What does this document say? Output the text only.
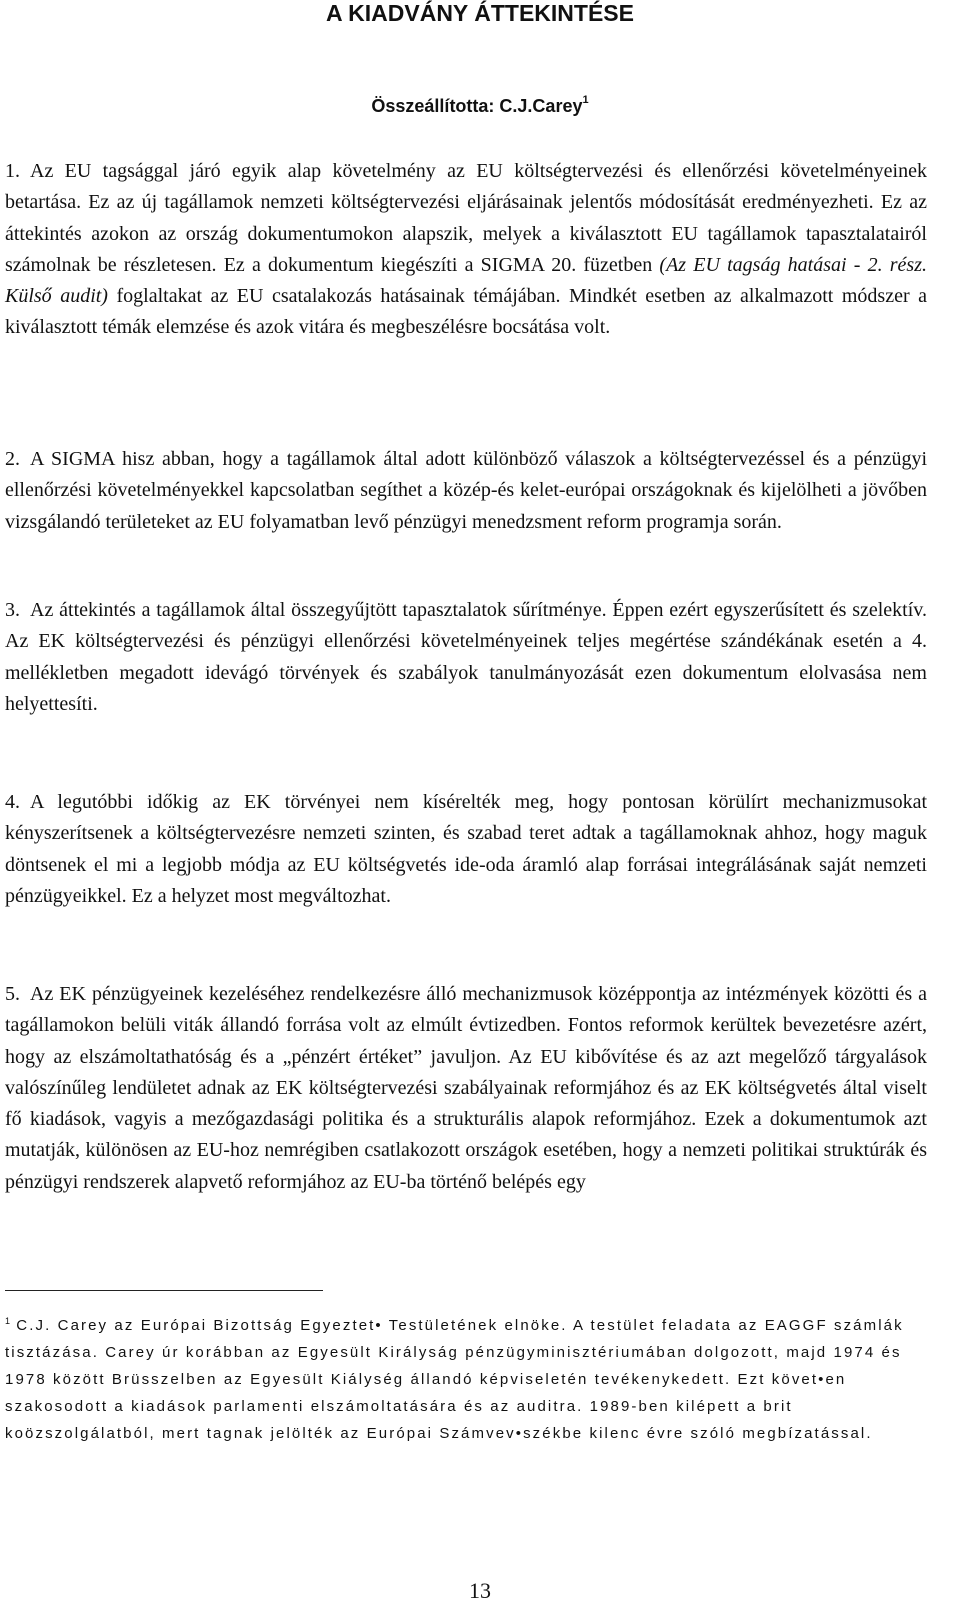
A KIADVÁNY ÁTTEKINTÉSE
Összeállította: C.J.Carey$^1$

1. Az EU tagsággal járó egyik alap követelmény az EU költségtervezési és ellenőrzési követelményeinek betartása. Ez az új tagállamok nemzeti költségtervezési eljárásainak jelentős módosítását eredményezheti. Ez az áttekintés azokon az ország dokumentumokon alapszik, melyek a kiválasztott EU tagállamok tapasztalatairól számolnak be részletesen. Ez a dokumentum kiegészíti a SIGMA 20. füzetben (Az EU tagság hatásai - 2. rész. Külső audit) foglaltakat az EU csatalakozás hatásainak témájában. Mindkét esetben az alkalmazott módszer a kiválasztott témák elemzése és azok vitára és megbeszélésre bocsátása volt.

2. A SIGMA hisz abban, hogy a tagállamok által adott különböző válaszok a költségtervezéssel és a pénzügyi ellenőrzési követelményekkel kapcsolatban segíthet a közép-és kelet-európai országoknak és kijelölheti a jövőben vizsgálandó területeket az EU folyamatban levő pénzügyi menedzsment reform programja során.

3. Az áttekintés a tagállamok által összegyűjtött tapasztalatok sűrítménye. Éppen ezért egyszerűsített és szelektív. Az EK költségtervezési és pénzügyi ellenőrzési követelményeinek teljes megértése szándékának esetén a 4. mellékletben megadott idevágó törvények és szabályok tanulmányozását ezen dokumentum elolvasása nem helyettesíti.

4. A legutóbbi időkig az EK törvényei nem kísérelték meg, hogy pontosan körülírt mechanizmusokat kényszerítsenek a költségtervezésre nemzeti szinten, és szabad teret adtak a tagállamoknak ahhoz, hogy maguk döntsenek el mi a legjobb módja az EU költségvetés ide-oda áramló alap forrásai integrálásának saját nemzeti pénzügyeikkel. Ez a helyzet most megváltozhat.

5. Az EK pénzügyeinek kezeléséhez rendelkezésre álló mechanizmusok középpontja az intézmények közötti és a tagállamokon belüli viták állandó forrása volt az elmúlt évtizedben. Fontos reformok kerültek bevezetésre azért, hogy az elszámoltathatóság és a „pénzért értéket” javuljon. Az EU kibővítése és az azt megelőző tárgyalások valószínűleg lendületet adnak az EK költségtervezési szabályainak reformjához és az EK költségvetés által viselt fő kiadások, vagyis a mezőgazdasági politika és a strukturális alapok reformjához. Ezek a dokumentumok azt mutatják, különösen az EU-hoz nemrégiben csatlakozott országok esetében, hogy a nemzeti politikai struktúrák és pénzügyi rendszerek alapvető reformjához az EU-ba történő belépés egy

$^1$ C.J. Carey az Európai Bizottság Egyeztet• Testületének elnöke. A testület feladata az EAGGF számlák tisztázása. Carey úr korábban az Egyesült Királyság pénzügyminisztériumában dolgozott, majd 1974 és 1978 között Brüsszelben az Egyesült Kiálység állandó képviseletén tevékenykedett. Ezt követ•en szakosodott a kiadások parlamenti elszámoltatására és az auditra. 1989-ben kilépett a brit koözszolgálatból, mert tagnak jelölték az Európai Számvev•székbe kilenc évre szóló megbízatással.

13
